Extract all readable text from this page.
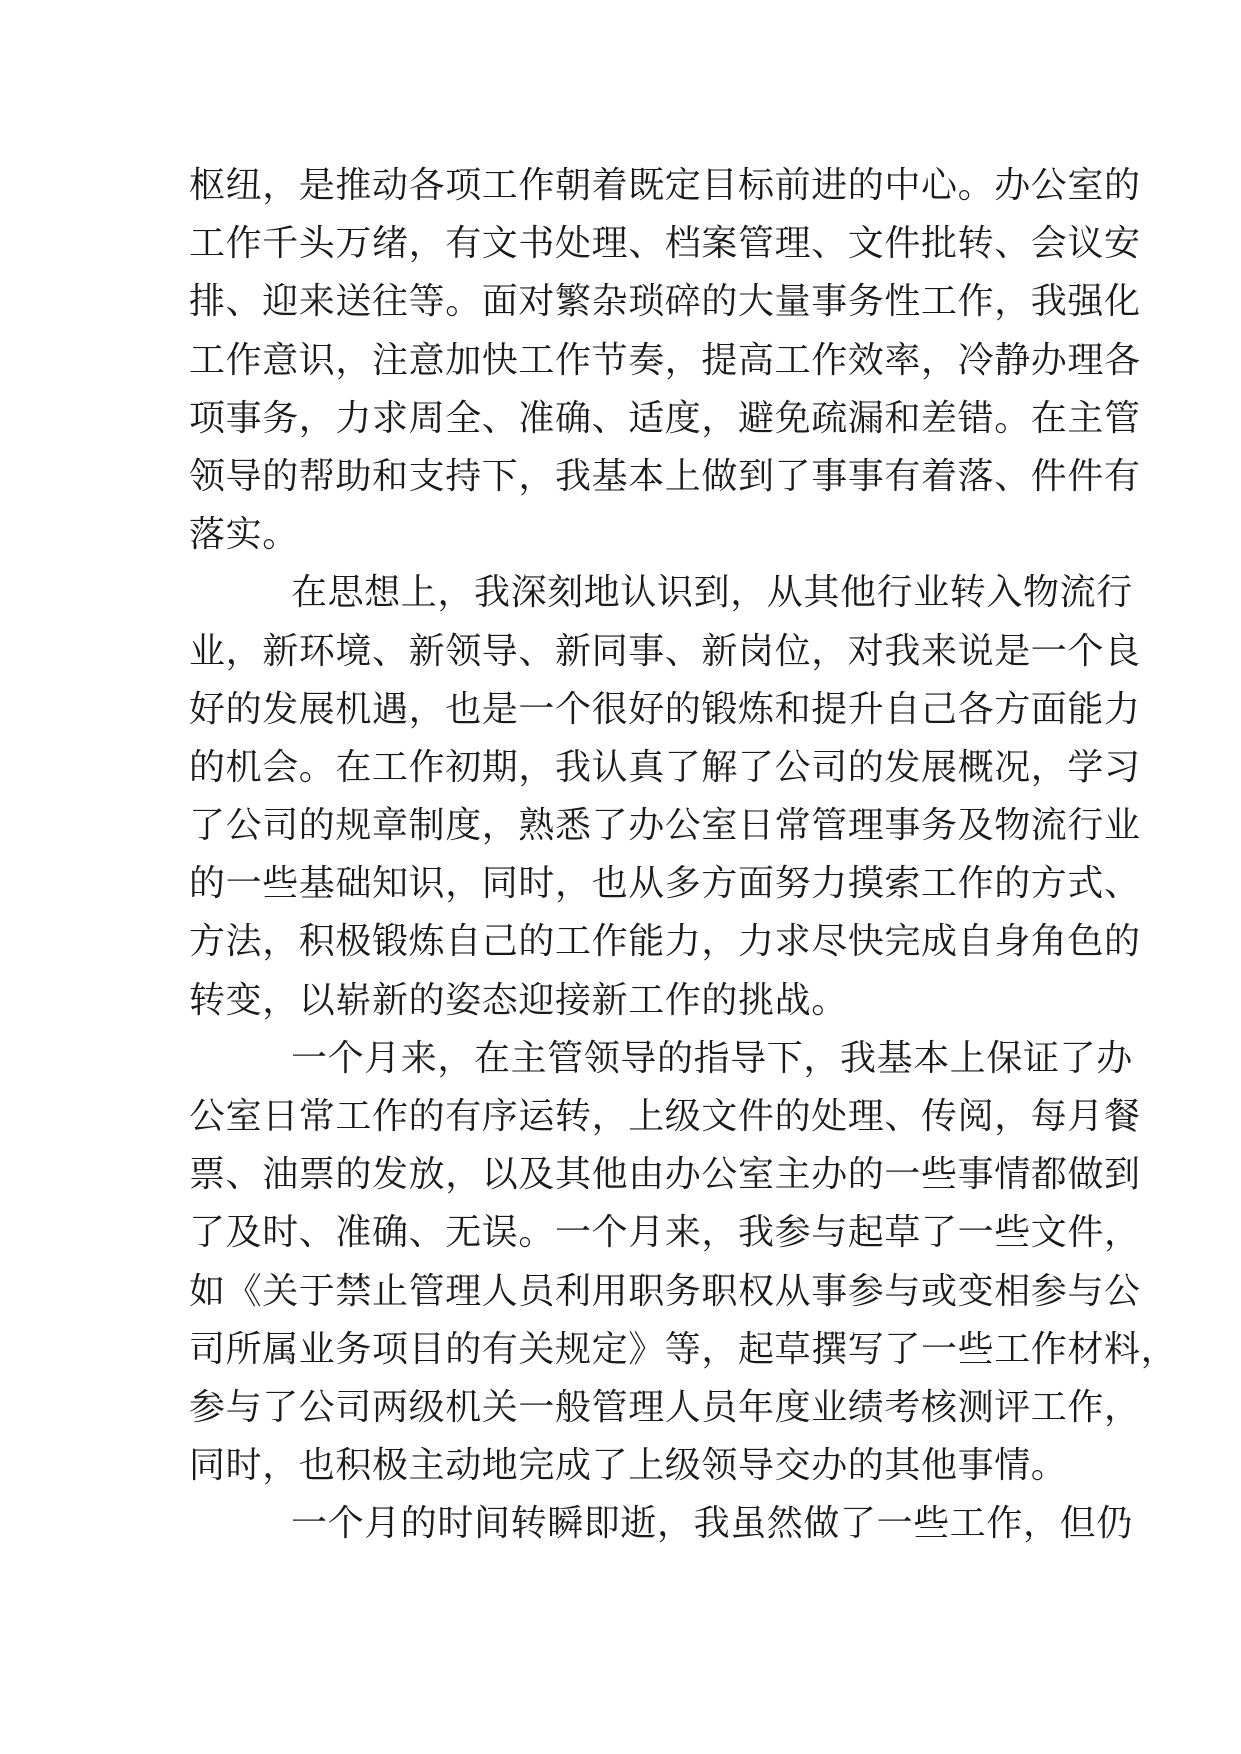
枢纽，是推动各项工作朝着既定目标前进的中心。办公室的
工作千头万绪，有文书处理、档案管理、文件批转、会议安
排、迎来送往等。面对繁杂琐碎的大量事务性工作，我强化
工作意识，注意加快工作节奏，提高工作效率，冷静办理各
项事务，力求周全、准确、适度，避免疏漏和差错。在主管
领导的帮助和支持下，我基本上做到了事事有着落、件件有
落实。
在思想上，我深刻地认识到，从其他行业转入物流行
业，新环境、新领导、新同事、新岗位，对我来说是一个良
好的发展机遇，也是一个很好的锻炼和提升自己各方面能力
的机会。在工作初期，我认真了解了公司的发展概况，学习
了公司的规章制度，熟悉了办公室日常管理事务及物流行业
的一些基础知识，同时，也从多方面努力摸索工作的方式、
方法，积极锻炼自己的工作能力，力求尽快完成自身角色的
转变，以崭新的姿态迎接新工作的挑战。
一个月来，在主管领导的指导下，我基本上保证了办
公室日常工作的有序运转，上级文件的处理、传阅，每月餐
票、油票的发放，以及其他由办公室主办的一些事情都做到
了及时、准确、无误。一个月来，我参与起草了一些文件，
如《关于禁止管理人员利用职务职权从事参与或变相参与公
司所属业务项目的有关规定》等，起草撰写了一些工作材料，
参与了公司两级机关一般管理人员年度业绩考核测评工作，
同时，也积极主动地完成了上级领导交办的其他事情。
一个月的时间转瞬即逝，我虽然做了一些工作，但仍
